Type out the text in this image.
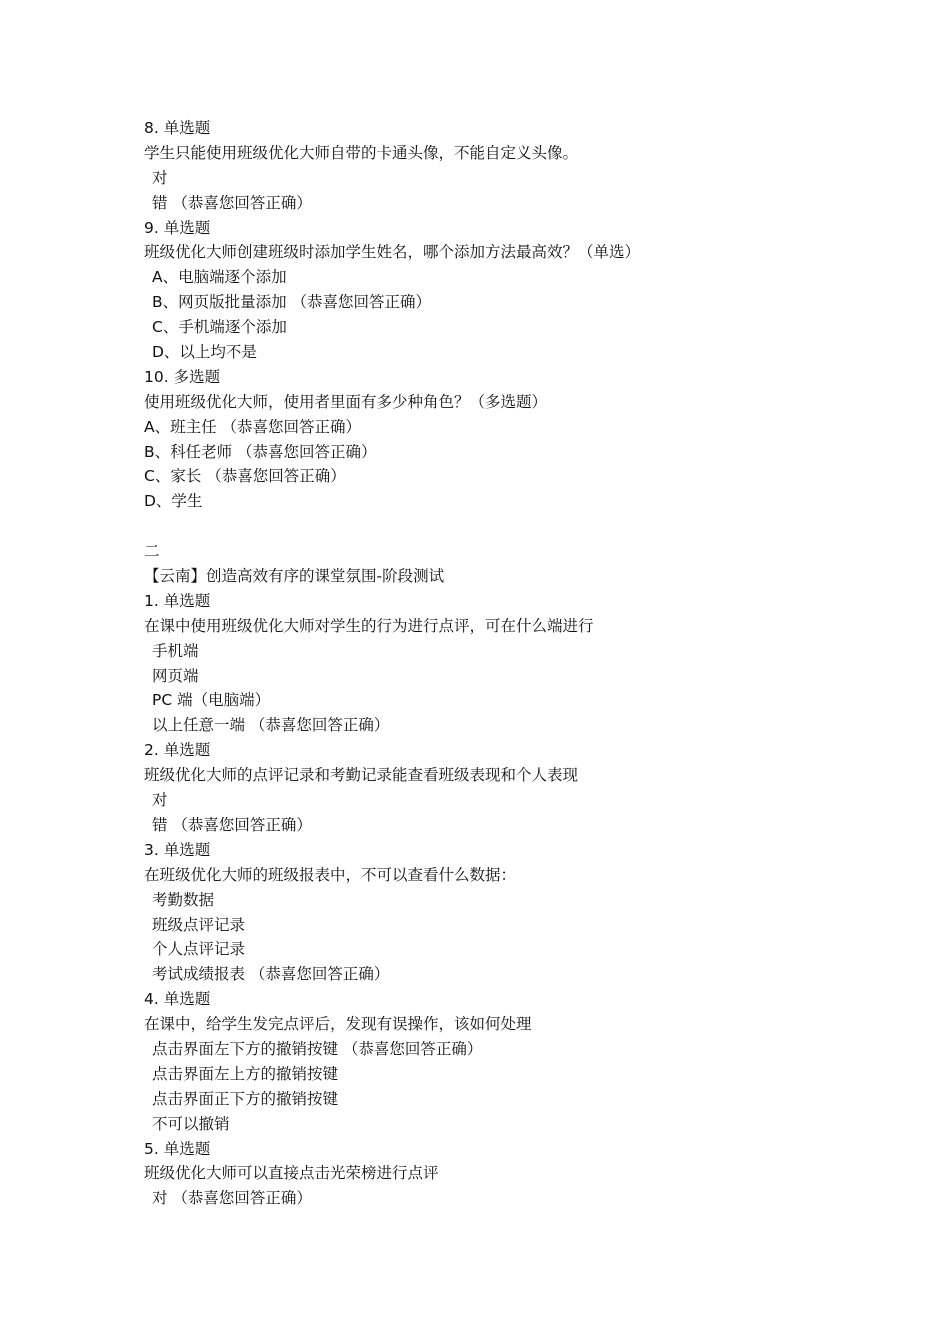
8. 单选题
学生只能使用班级优化大师自带的卡通头像，不能自定义头像。
对
错 （恭喜您回答正确）
9. 单选题
班级优化大师创建班级时添加学生姓名，哪个添加方法最高效？（单选）
A、电脑端逐个添加
B、网页版批量添加 （恭喜您回答正确）
C、手机端逐个添加
D、以上均不是
10. 多选题
使用班级优化大师，使用者里面有多少种角色？（多选题）
A、班主任 （恭喜您回答正确）
B、科任老师 （恭喜您回答正确）
C、家长 （恭喜您回答正确）
D、学生
二
【云南】创造高效有序的课堂氛围-阶段测试
1. 单选题
在课中使用班级优化大师对学生的行为进行点评，可在什么端进行
手机端
网页端
PC 端（电脑端）
以上任意一端 （恭喜您回答正确）
2. 单选题
班级优化大师的点评记录和考勤记录能查看班级表现和个人表现
对
错 （恭喜您回答正确）
3. 单选题
在班级优化大师的班级报表中，不可以查看什么数据：
考勤数据
班级点评记录
个人点评记录
考试成绩报表 （恭喜您回答正确）
4. 单选题
在课中，给学生发完点评后，发现有误操作，该如何处理
点击界面左下方的撤销按键 （恭喜您回答正确）
点击界面左上方的撤销按键
点击界面正下方的撤销按键
不可以撤销
5. 单选题
班级优化大师可以直接点击光荣榜进行点评
对 （恭喜您回答正确）
